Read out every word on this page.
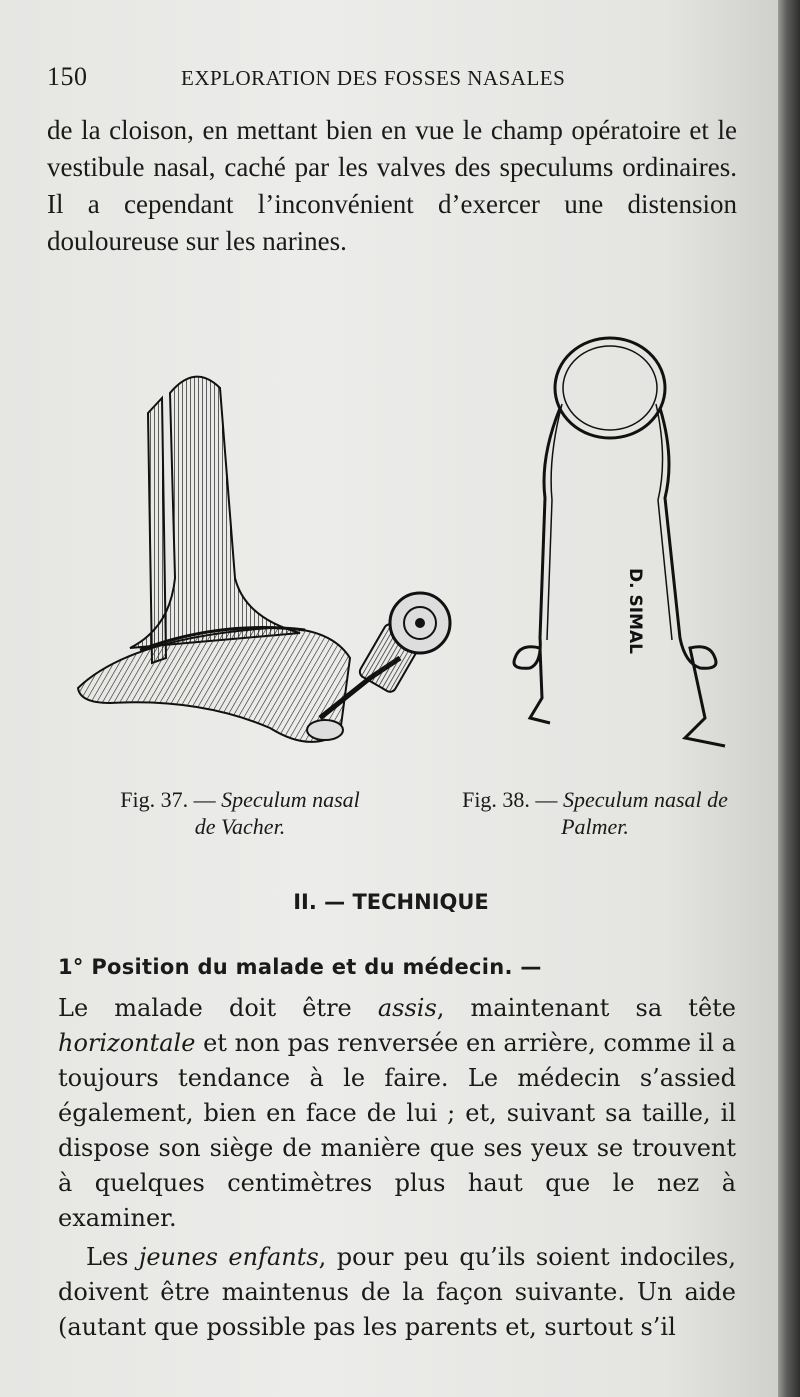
150	EXPLORATION DES FOSSES NASALES

de la cloison, en mettant bien en vue le champ opératoire et le vestibule nasal, caché par les valves des speculums ordinaires. Il a cependant l’inconvénient d’exercer une distension douloureuse sur les narines.

D. SIMAL
Fig. 37. — Speculum nasal de Vacher.
Fig. 38. — Speculum nasal de Palmer.
II. — TECHNIQUE
1° Position du malade et du médecin. —

Le malade doit être assis, maintenant sa tête horizontale et non pas renversée en arrière, comme il a toujours tendance à le faire. Le médecin s’assied également, bien en face de lui ; et, suivant sa taille, il dispose son siège de manière que ses yeux se trouvent à quelques centimètres plus haut que le nez à examiner.

Les jeunes enfants, pour peu qu’ils soient indociles, doivent être maintenus de la façon suivante. Un aide (autant que possible pas les parents et, surtout s’il
